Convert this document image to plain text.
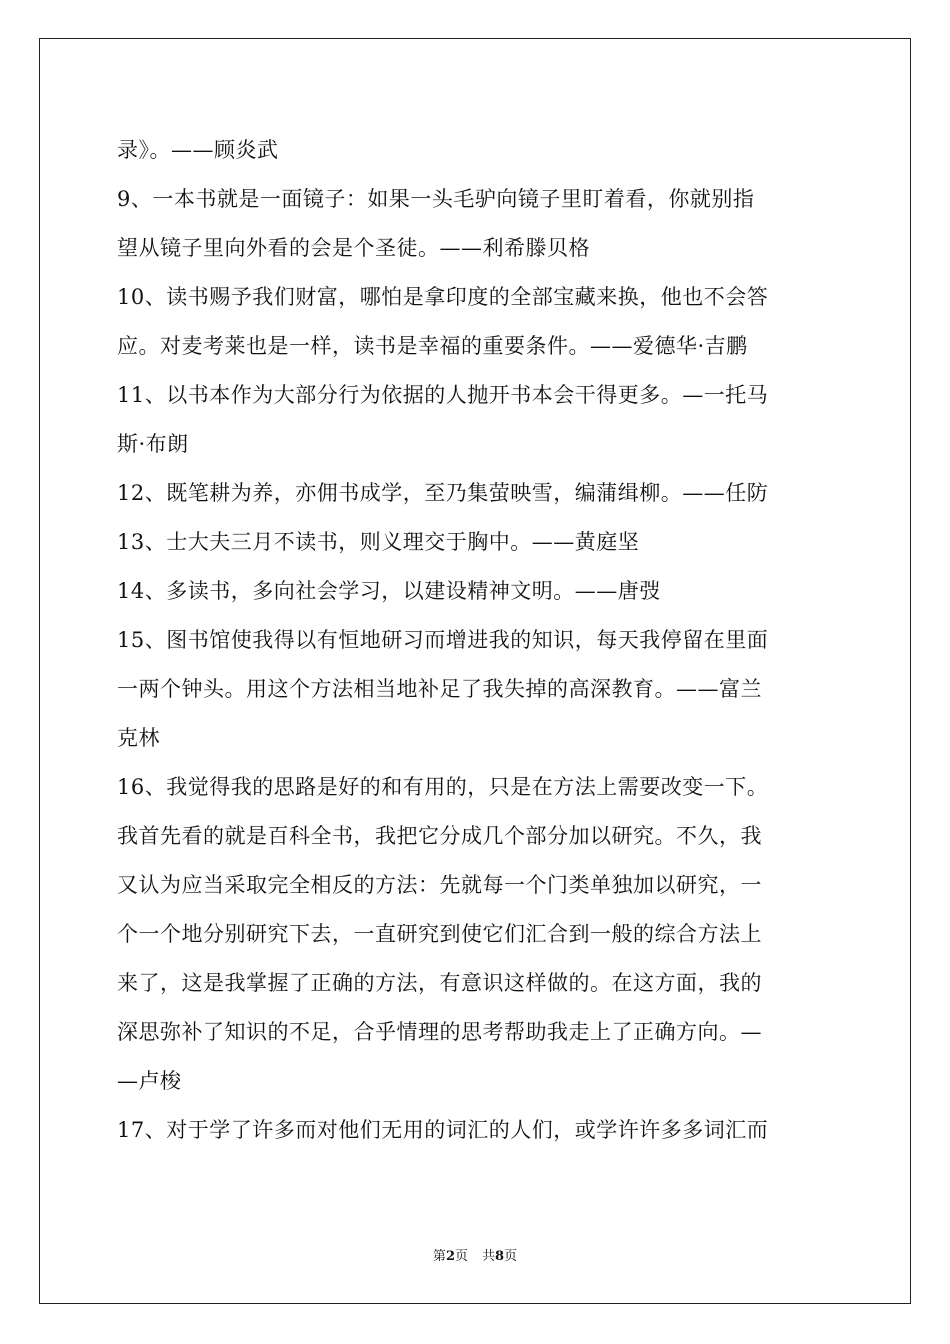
录》。——顾炎武
9、一本书就是一面镜子：如果一头毛驴向镜子里盯着看，你就别指
望从镜子里向外看的会是个圣徒。——利希滕贝格
10、读书赐予我们财富，哪怕是拿印度的全部宝藏来换，他也不会答
应。对麦考莱也是一样，读书是幸福的重要条件。——爱德华·吉鹏
11、以书本作为大部分行为依据的人抛开书本会干得更多。—一托马
斯·布朗
12、既笔耕为养，亦佣书成学，至乃集萤映雪，编蒲缉柳。——任防
13、士大夫三月不读书，则义理交于胸中。——黄庭坚
14、多读书，多向社会学习，以建设精神文明。——唐弢
15、图书馆使我得以有恒地研习而增进我的知识，每天我停留在里面
一两个钟头。用这个方法相当地补足了我失掉的高深教育。——富兰
克林
16、我觉得我的思路是好的和有用的，只是在方法上需要改变一下。
我首先看的就是百科全书，我把它分成几个部分加以研究。不久，我
又认为应当采取完全相反的方法：先就每一个门类单独加以研究，一
个一个地分别研究下去，一直研究到使它们汇合到一般的综合方法上
来了，这是我掌握了正确的方法，有意识这样做的。在这方面，我的
深思弥补了知识的不足，合乎情理的思考帮助我走上了正确方向。—
—卢梭
17、对于学了许多而对他们无用的词汇的人们，或学许许多多词汇而
第2页 共8页
